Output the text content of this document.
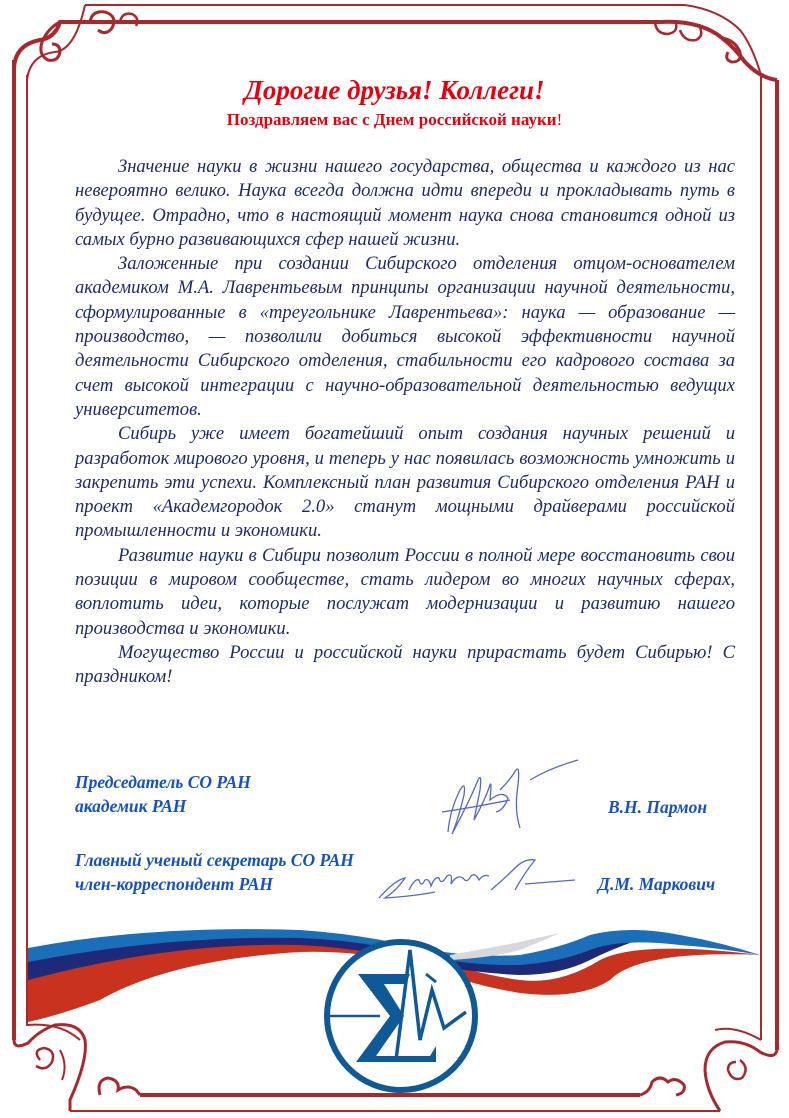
Дорогие друзья! Коллеги!
Поздравляем вас с Днем российской науки!

Значение науки в жизни нашего государства, общества и каждого из нас невероятно велико. Наука всегда должна идти впереди и прокладывать путь в будущее. Отрадно, что в настоящий момент наука снова становится одной из самых бурно развивающихся сфер нашей жизни.

Заложенные при создании Сибирского отделения отцом-основателем академиком М.А. Лаврентьевым принципы организации научной деятельности, сформулированные в «треугольнике Лаврентьева»: наука — образование — производство, — позволили добиться высокой эффективности научной деятельности Сибирского отделения, стабильности его кадрового состава за счет высокой интеграции с научно-образовательной деятельностью ведущих университетов.

Сибирь уже имеет богатейший опыт создания научных решений и разработок мирового уровня, и теперь у нас появилась возможность умножить и закрепить эти успехи. Комплексный план развития Сибирского отделения РАН и проект «Академгородок 2.0» станут мощными драйверами российской промышленности и экономики.

Развитие науки в Сибири позволит России в полной мере восстановить свои позиции в мировом сообществе, стать лидером во многих научных сферах, воплотить идеи, которые послужат модернизации и развитию нашего производства и экономики.

Могущество России и российской науки прирастать будет Сибирью! С праздником!

Председатель СО РАН
академик РАН	В.Н. Пармон
Главный ученый секретарь СО РАН
член-корреспондент РАН	Д.М. Маркович
